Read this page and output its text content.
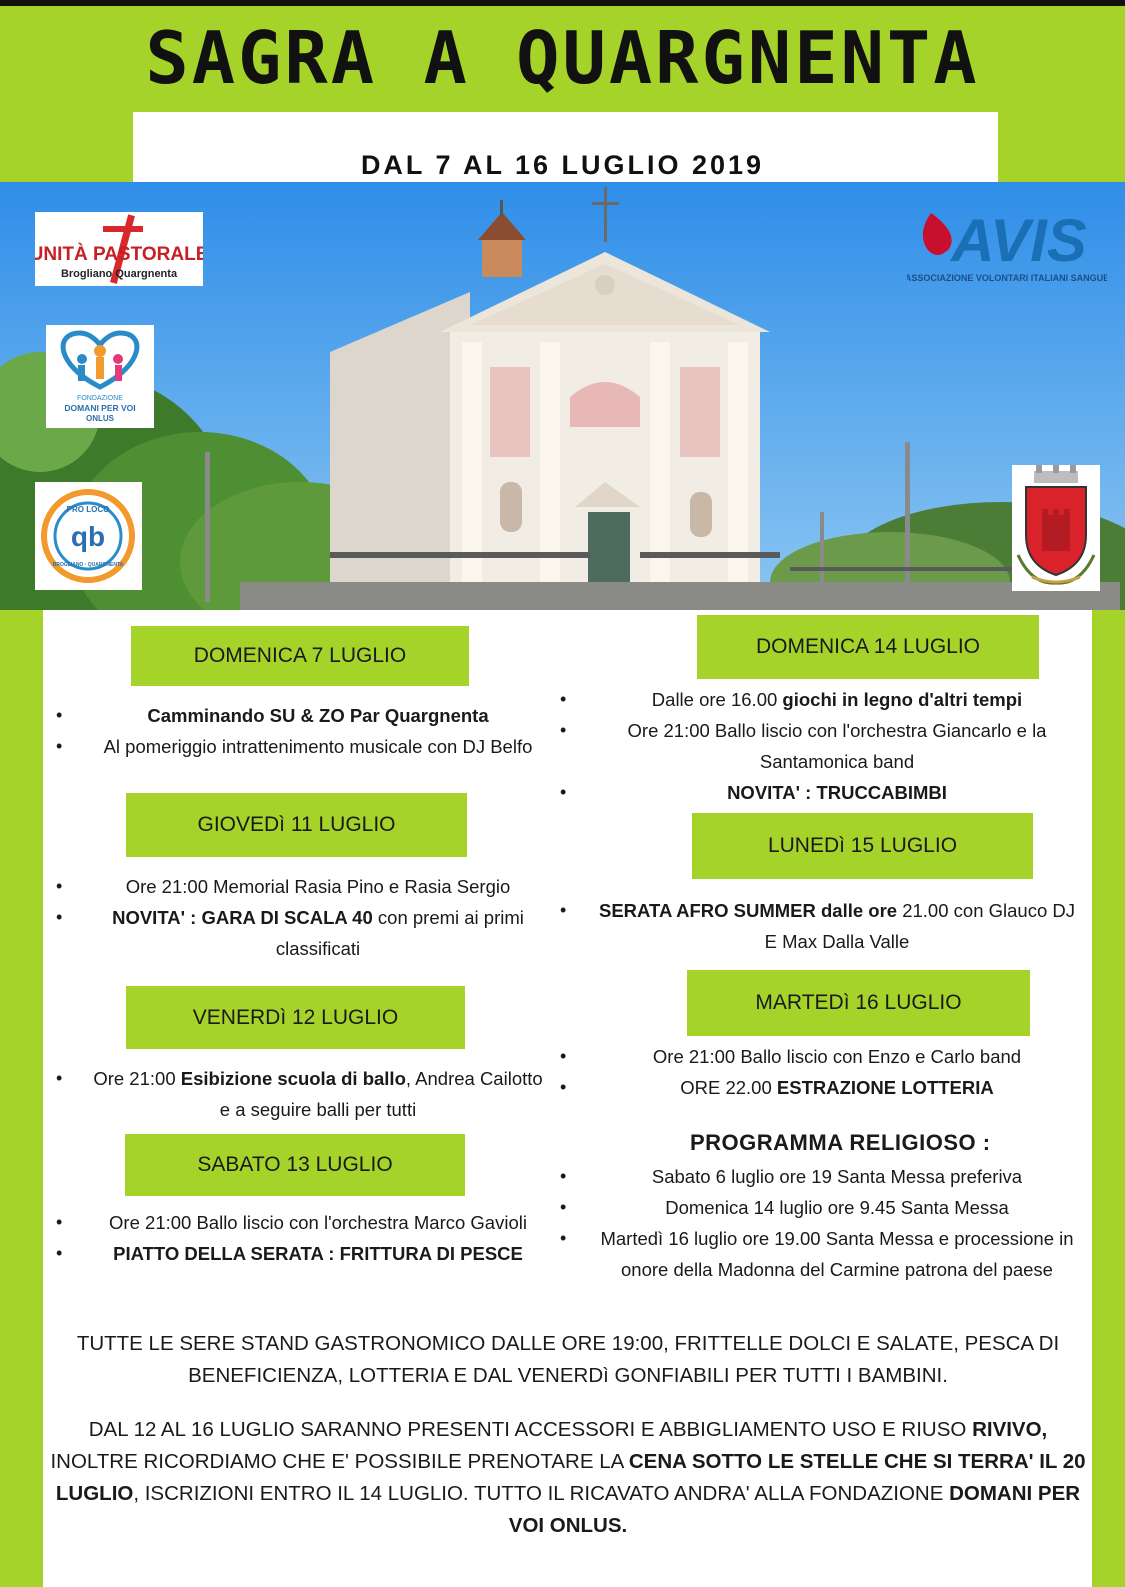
SAGRA A QUARGNENTA
DAL 7 AL 16 LUGLIO 2019
UNITÀ PASTORALE
Brogliano Quargnenta
FONDAZIONE
DOMANI PER VOI
ONLUS
PRO LOCO
qb
BROGLIANO · QUARGNENTA
AVIS
ASSOCIAZIONE VOLONTARI ITALIANI SANGUE
DOMENICA 7 LUGLIO
• Camminando SU & ZO Par Quargnenta
• Al pomeriggio intrattenimento musicale con DJ Belfo
GIOVEDì 11 LUGLIO
• Ore 21:00 Memorial Rasia Pino e Rasia Sergio
• NOVITA' : GARA DI SCALA 40 con premi ai primi classificati
VENERDì 12 LUGLIO
• Ore 21:00 Esibizione scuola di ballo, Andrea Cailotto e a seguire balli per tutti
SABATO 13 LUGLIO
• Ore 21:00 Ballo liscio con l'orchestra Marco Gavioli
• PIATTO DELLA SERATA : FRITTURA DI PESCE
DOMENICA 14 LUGLIO
• Dalle ore 16.00 giochi in legno d'altri tempi
• Ore 21:00 Ballo liscio con l'orchestra Giancarlo e la Santamonica band
• NOVITA' : TRUCCABIMBI
LUNEDì 15 LUGLIO
• SERATA AFRO SUMMER dalle ore 21.00 con Glauco DJ E Max Dalla Valle
MARTEDì 16 LUGLIO
• Ore 21:00 Ballo liscio con Enzo e Carlo band
• ORE 22.00 ESTRAZIONE LOTTERIA
PROGRAMMA RELIGIOSO :
• Sabato 6 luglio ore 19 Santa Messa preferiva
• Domenica 14 luglio ore 9.45 Santa Messa
• Martedì 16 luglio ore 19.00 Santa Messa e processione in onore della Madonna del Carmine patrona del paese
TUTTE LE SERE STAND GASTRONOMICO DALLE ORE 19:00, FRITTELLE DOLCI E SALATE, PESCA DI BENEFICIENZA, LOTTERIA E DAL VENERDì GONFIABILI PER TUTTI I BAMBINI.
DAL 12 AL 16 LUGLIO SARANNO PRESENTI ACCESSORI E ABBIGLIAMENTO USO E RIUSO RIVIVO, INOLTRE RICORDIAMO CHE E' POSSIBILE PRENOTARE LA CENA SOTTO LE STELLE CHE SI TERRA' IL 20 LUGLIO, ISCRIZIONI ENTRO IL 14 LUGLIO. TUTTO IL RICAVATO ANDRA' ALLA FONDAZIONE DOMANI PER VOI ONLUS.
